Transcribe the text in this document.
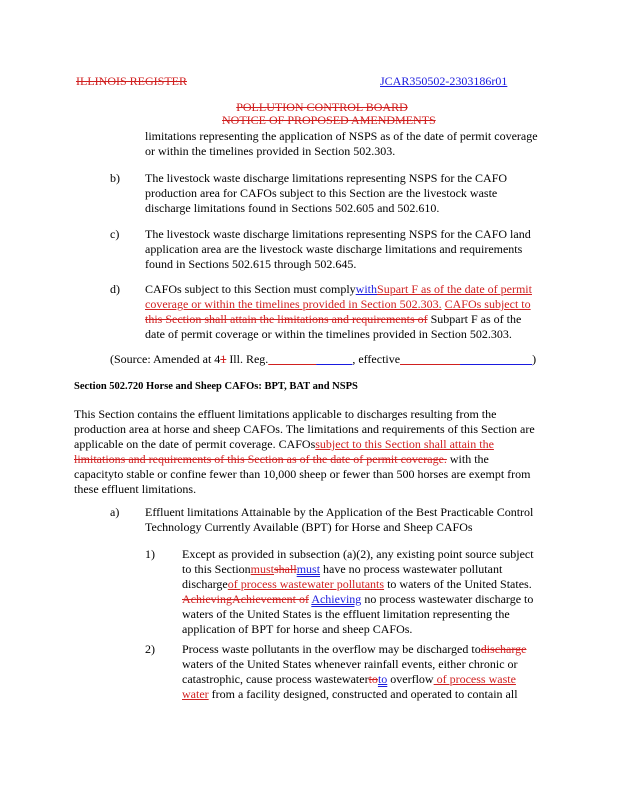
ILLINOIS REGISTER	JCAR350502-2303186r01
POLLUTION CONTROL BOARD
NOTICE OF PROPOSED AMENDMENTS
limitations representing the application of NSPS as of the date of permit coverage
or within the timelines provided in Section 502.303.
b) The livestock waste discharge limitations representing NSPS for the CAFO
production area for CAFOs subject to this Section are the livestock waste
discharge limitations found in Sections 502.605 and 502.610.
c) The livestock waste discharge limitations representing NSPS for the CAFO land
application area are the livestock waste discharge limitations and requirements
found in Sections 502.615 through 502.645.
d) CAFOs subject to this Section must complywithSupart F as of the date of permit
coverage or within the timelines provided in Section 502.303. CAFOs subject to
this Section shall attain the limitations and requirements of Subpart F as of the
date of permit coverage or within the timelines provided in Section 502.303.
(Source: Amended at 41 Ill. Reg.______________, effective______________________)
Section 502.720 Horse and Sheep CAFOs: BPT, BAT and NSPS
This Section contains the effluent limitations applicable to discharges resulting from the
production area at horse and sheep CAFOs. The limitations and requirements of this Section are
applicable on the date of permit coverage. CAFOssubject to this Section shall attain the
limitations and requirements of this Section as of the date of permit coverage. with the
capacityto stable or confine fewer than 10,000 sheep or fewer than 500 horses are exempt from
these effluent limitations.
a) Effluent limitations Attainable by the Application of the Best Practicable Control
Technology Currently Available (BPT) for Horse and Sheep CAFOs
1) Except as provided in subsection (a)(2), any existing point source subject
to this Sectionmustshallmust have no process wastewater pollutant
dischargeof process wastewater pollutants to waters of the United States.
AchievingAchievement of Achieving no process wastewater discharge to
waters of the United States is the effluent limitation representing the
application of BPT for horse and sheep CAFOs.
2) Process waste pollutants in the overflow may be discharged todischarge
waters of the United States whenever rainfall events, either chronic or
catastrophic, cause process wastewatertoto overflow of process waste
water from a facility designed, constructed and operated to contain all
